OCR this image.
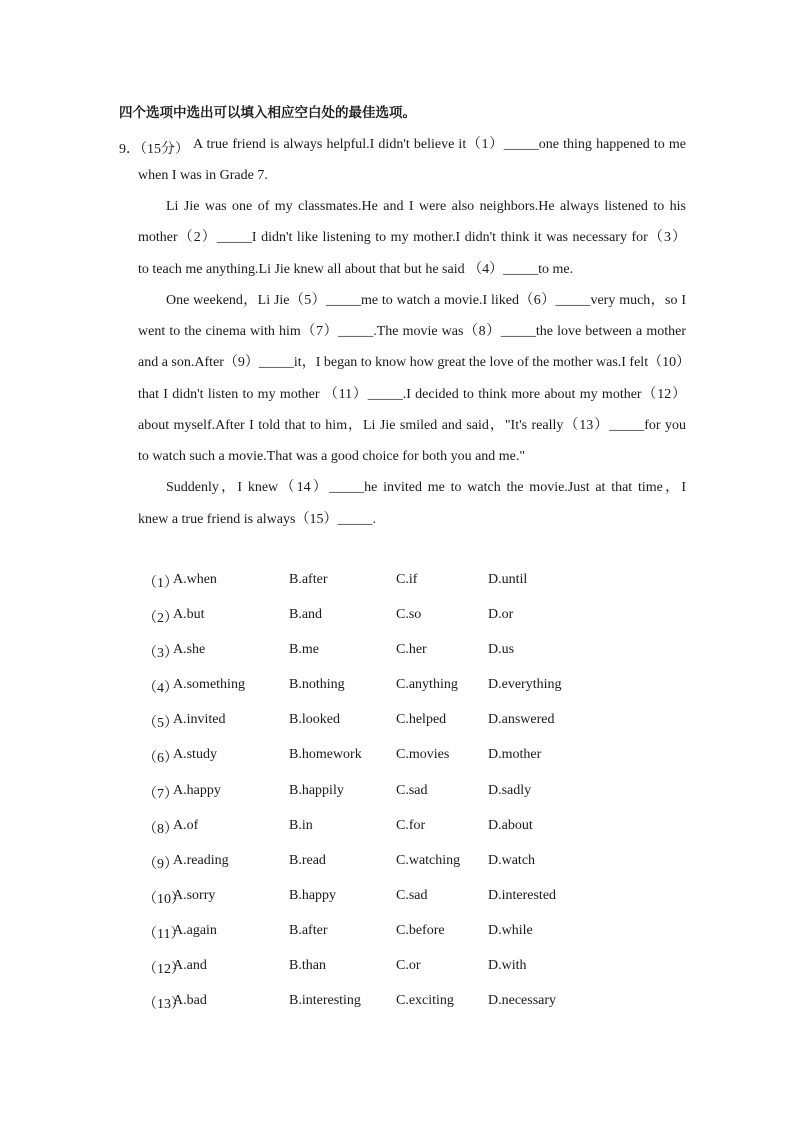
四个选项中选出可以填入相应空白处的最佳选项。
9．（15分） A true friend is always helpful.I didn't believe it（1）_____one thing happened to me
when I was in Grade 7.
Li Jie was one of my classmates.He and I were also neighbors.He always listened to his
mother（2）_____I didn't like listening to my mother.I didn't think it was necessary for（3）
to teach me anything.Li Jie knew all about that but he said （4）_____to me.
One weekend，Li Jie（5）_____me to watch a movie.I liked（6）_____very much，so I
went to the cinema with him（7）_____.The movie was（8）_____the love between a mother
and a son.After（9）_____it，I began to know how great the love of the mother was.I felt（10）
that I didn't listen to my mother （11）_____.I decided to think more about my mother（12）
about myself.After I told that to him，Li Jie smiled and said，"It's really（13）_____for you
to watch such a movie.That was a good choice for both you and me."
Suddenly，I knew（14）_____he invited me to watch the movie.Just at that time，I
knew a true friend is always（15）_____.
（1）
A.when	B.after	C.if	D.until
（2）
A.but	B.and	C.so	D.or
（3）
A.she	B.me	C.her	D.us
（4）
A.something	B.nothing	C.anything D.everything
（5）
A.invited	B.looked	C.helped	D.answered
（6）
A.study	B.homework C.movies	D.mother
（7）
A.happy	B.happily	C.sad	D.sadly
（8）
A.of	B.in	C.for	D.about
（9）
A.reading	B.read	C.watching D.watch
（10）
A.sorry	B.happy	C.sad	D.interested
（11）
A.again	B.after	C.before	D.while
（12）
A.and	B.than	C.or	D.with
（13）
A.bad	B.interesting	C.exciting D.necessary
